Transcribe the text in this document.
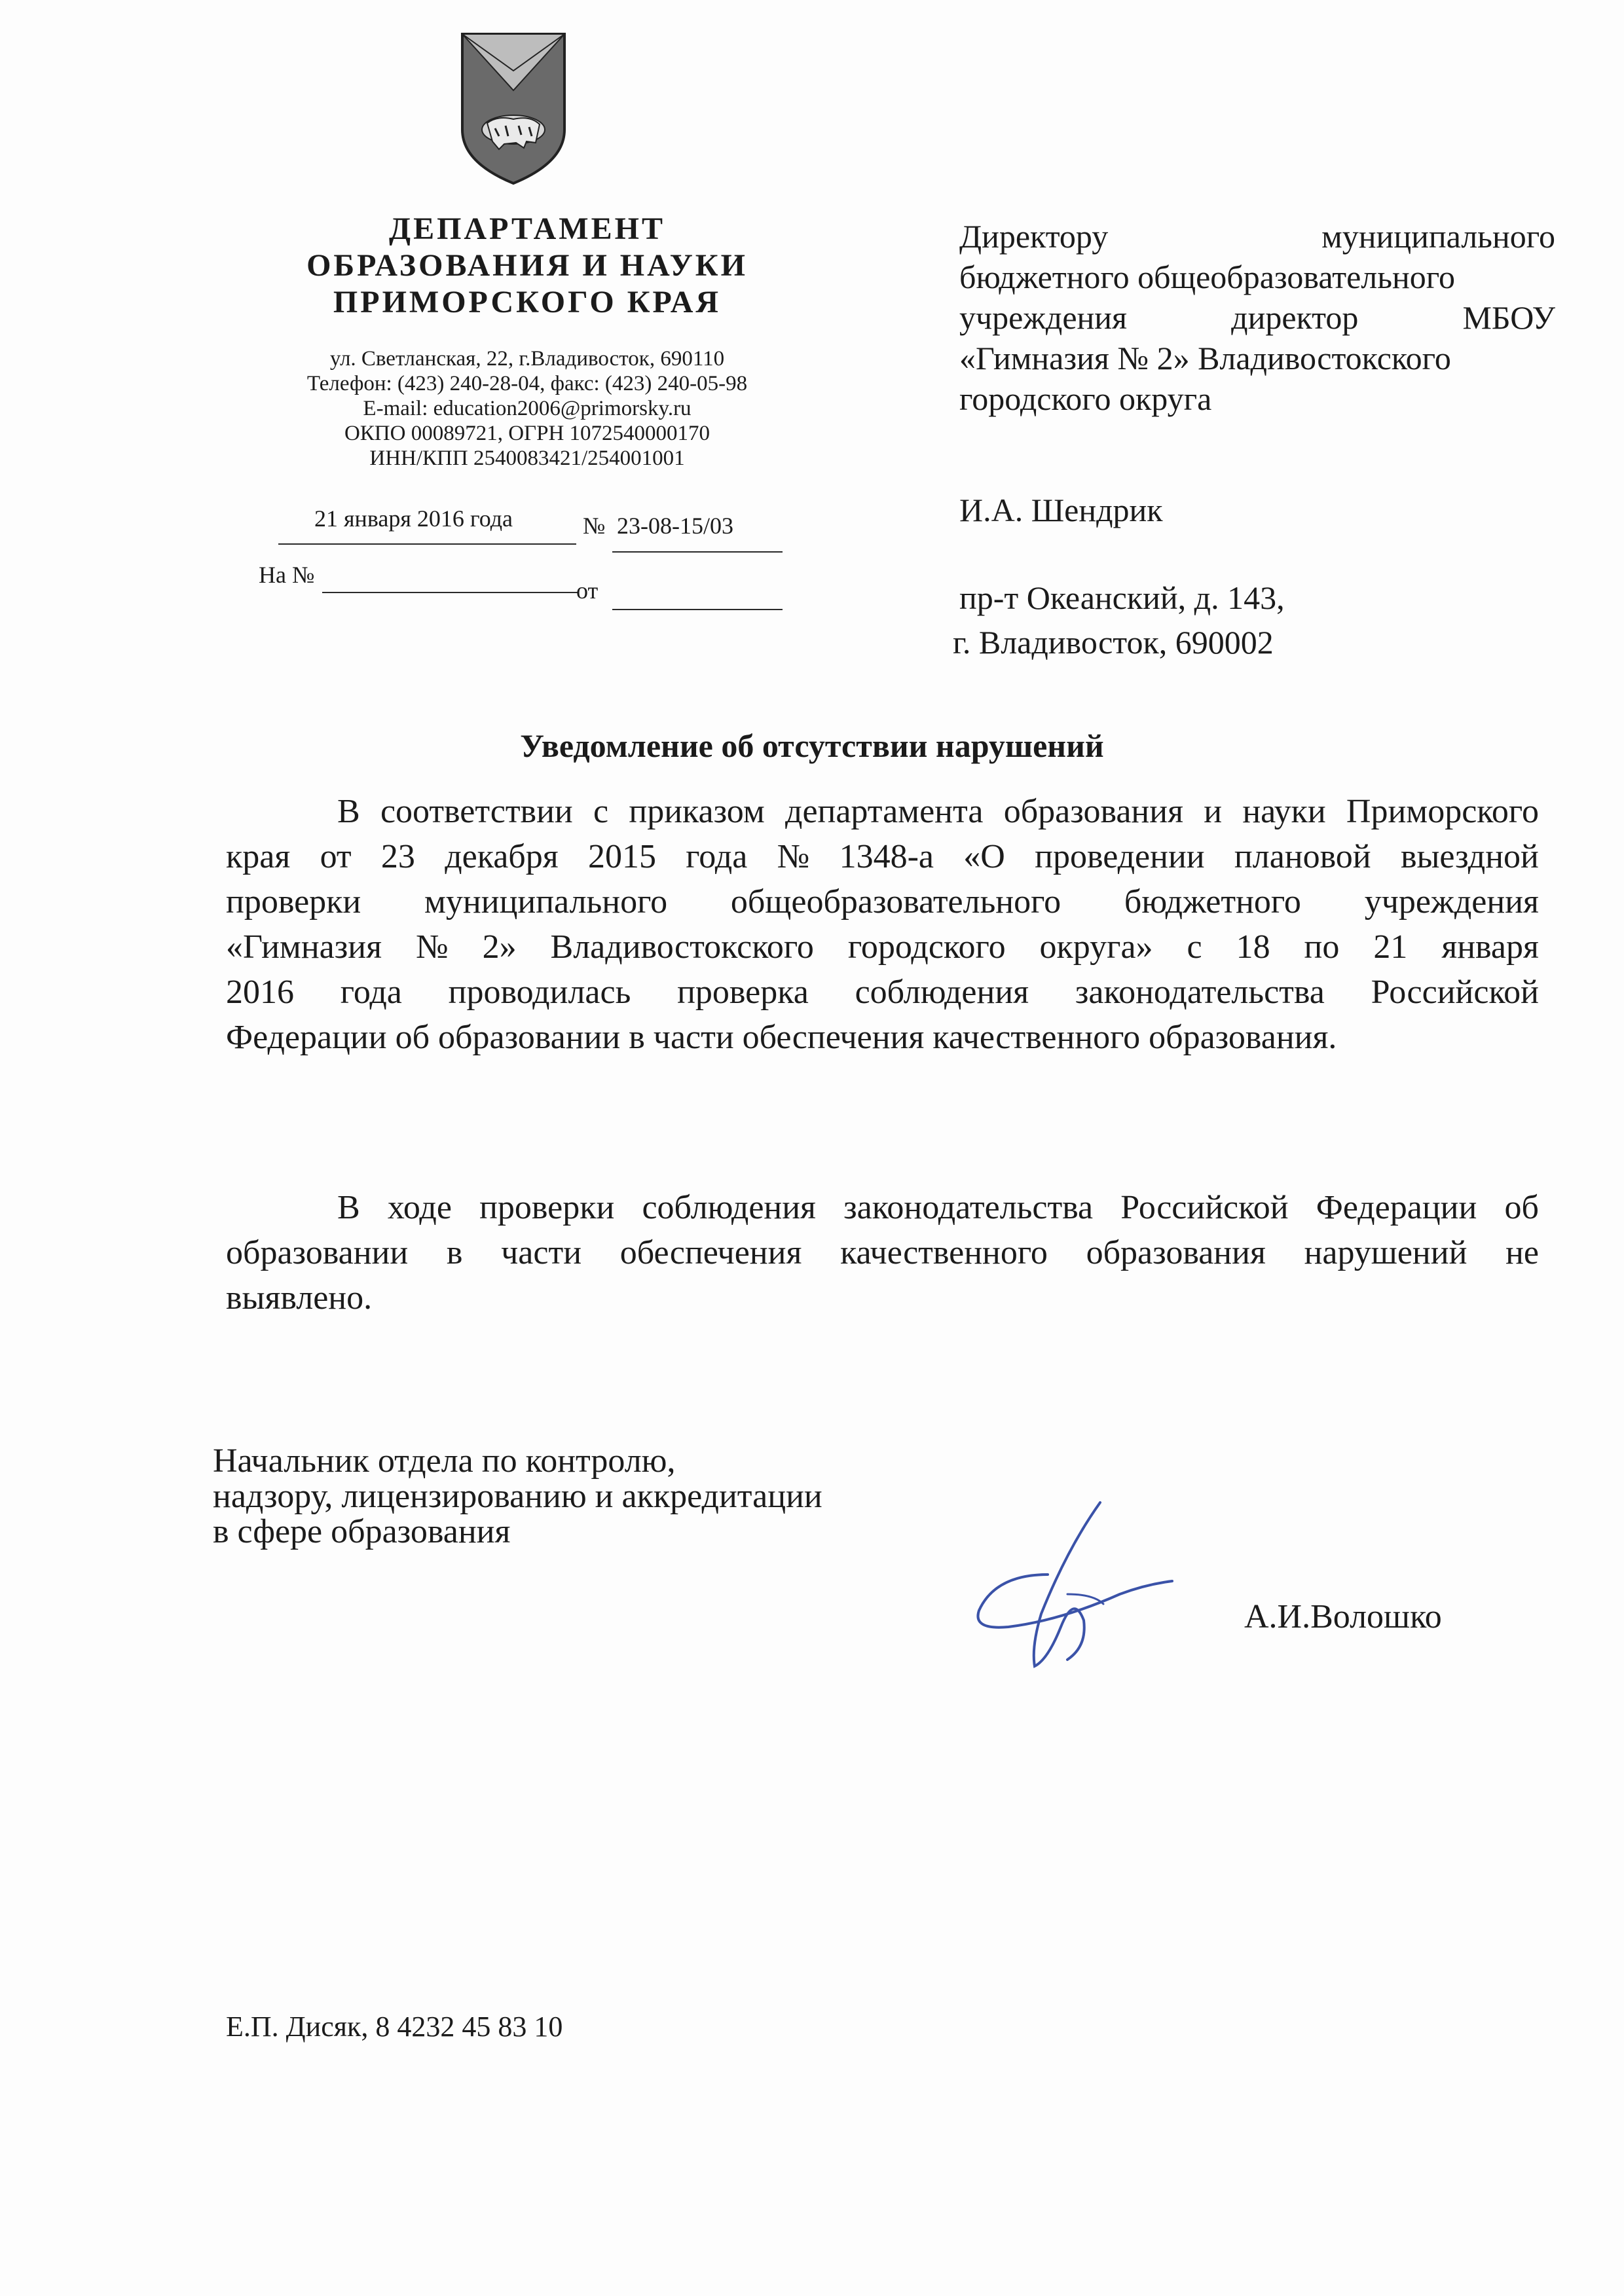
ДЕПАРТАМЕНТ
ОБРАЗОВАНИЯ И НАУКИ
ПРИМОРСКОГО КРАЯ
ул. Светланская, 22, г.Владивосток, 690110
Телефон: (423) 240-28-04, факс: (423) 240-05-98
E-mail: education2006@primorsky.ru
ОКПО 00089721, ОГРН 1072540000170
ИНН/КПП 2540083421/254001001
21 января 2016 года	№ 23-08-15/03
На №
от
Директору	муниципального
бюджетного общеобразовательного
учреждения	директор	МБОУ
«Гимназия № 2» Владивостокского
городского округа
И.А. Шендрик
пр-т Океанский, д. 143,
г. Владивосток, 690002
Уведомление об отсутствии нарушений
В соответствии с приказом департамента образования и науки Приморского
края от 23 декабря 2015 года № 1348-а «О проведении плановой выездной
проверки муниципального общеобразовательного бюджетного учреждения
«Гимназия № 2» Владивостокского городского округа» с 18 по 21 января
2016 года проводилась проверка соблюдения законодательства Российской
Федерации об образовании в части обеспечения качественного образования.
В ходе проверки соблюдения законодательства Российской Федерации об
образовании в части обеспечения качественного образования нарушений не
выявлено.
Начальник отдела по контролю,
надзору, лицензированию и аккредитации
в сфере образования
А.И.Волошко
Е.П. Дисяк, 8 4232 45 83 10
